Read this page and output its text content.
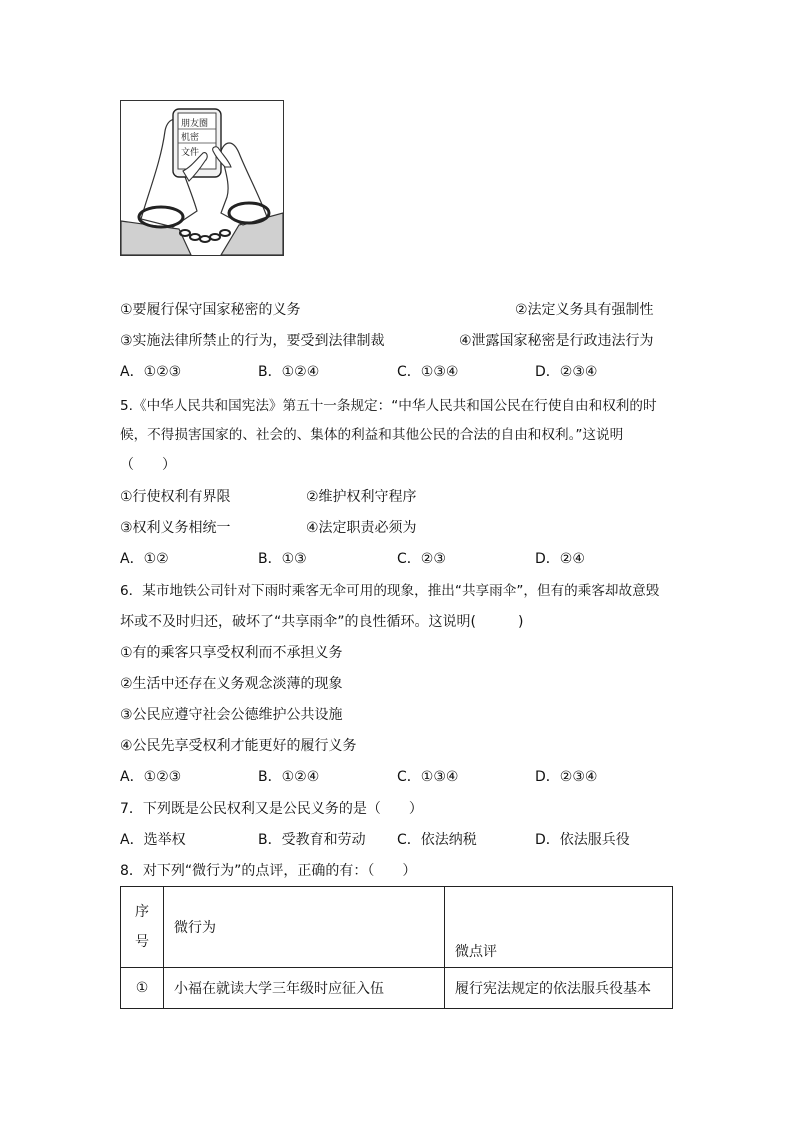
朋友圈
机密
文件
①要履行保守国家秘密的义务	②法定义务具有强制性
③实施法律所禁止的行为，要受到法律制裁	④泄露国家秘密是行政违法行为
A．①②③	B．①②④	C．①③④	D．②③④
5.《中华人民共和国宪法》第五十一条规定：“中华人民共和国公民在行使自由和权利的时
候，不得损害国家的、社会的、集体的利益和其他公民的合法的自由和权利。”这说明
（　　）
①行使权利有界限	②维护权利守程序
③权利义务相统一	④法定职责必须为
A．①②	B．①③	C．②③	D．②④
6．某市地铁公司针对下雨时乘客无伞可用的现象，推出“共享雨伞”，但有的乘客却故意毁
坏或不及时归还，破坏了“共享雨伞”的良性循环。这说明(　　　)
①有的乘客只享受权利而不承担义务
②生活中还存在义务观念淡薄的现象
③公民应遵守社会公德维护公共设施
④公民先享受权利才能更好的履行义务
A．①②③	B．①②④	C．①③④	D．②③④
7．下列既是公民权利又是公民义务的是（　　）
A．选举权	B．受教育和劳动 C．依法纳税	D．依法服兵役
8．对下列“微行为”的点评，正确的有：（　　）
序
号	微行为	微点评
①	小福在就读大学三年级时应征入伍	履行宪法规定的依法服兵役基本
